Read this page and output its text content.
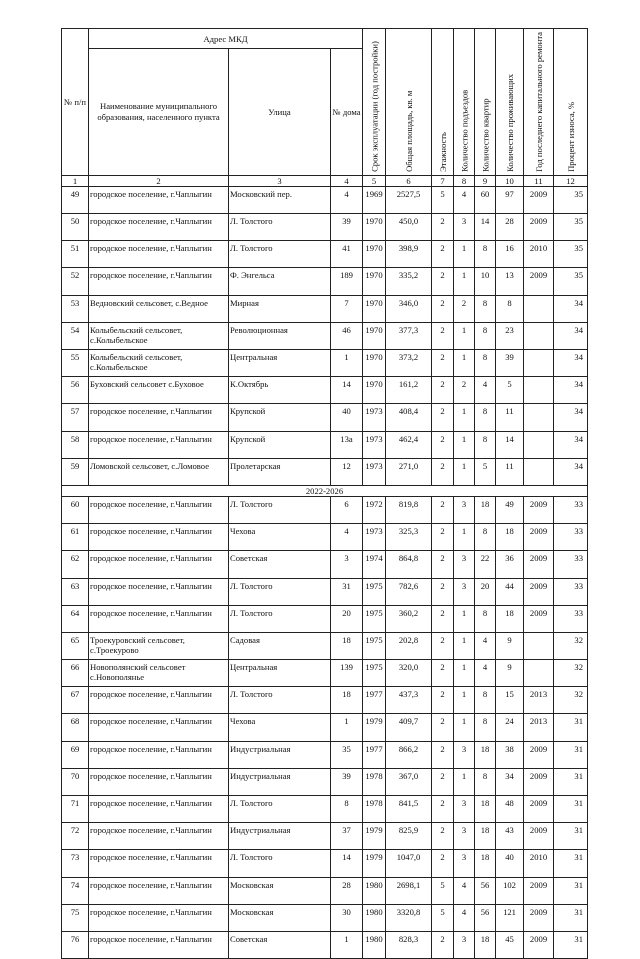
№ п/п	Адрес МКД			Срок эксплуатации (год постройки)	Общая площадь, кв. м	Этажность	Количество подъездов	Количество квартир	Количество проживающих	Год последнего капитального ремонта	Процент износа, %
	Наименование муниципального образования, населенного пункта	Улица	№ дома								
1	2	3	4	5	6	7	8	9	10	11	12
49	городское поселение, г.Чаплыгин	Московский пер.	4	1969	2527,5	5	4	60	97	2009	35
50	городское поселение, г.Чаплыгин	Л. Толстого	39	1970	450,0	2	3	14	28	2009	35
51	городское поселение, г.Чаплыгин	Л. Толстого	41	1970	398,9	2	1	8	16	2010	35
52	городское поселение, г.Чаплыгин	Ф. Энгельса	189	1970	335,2	2	1	10	13	2009	35
53	Ведновский сельсовет, с.Ведное	Мирная	7	1970	346,0	2	2	8	8		34
54	Колыбельский сельсовет, с.Колыбельское	Революционная	46	1970	377,3	2	1	8	23		34
55	Колыбельский сельсовет, с.Колыбельское	Центральная	1	1970	373,2	2	1	8	39		34
56	Буховский сельсовет с.Буховое	К.Октябрь	14	1970	161,2	2	2	4	5		34
57	городское поселение, г.Чаплыгин	Крупской	40	1973	408,4	2	1	8	11		34
58	городское поселение, г.Чаплыгин	Крупской	13а	1973	462,4	2	1	8	14		34
59	Ломовской сельсовет, с.Ломовое	Пролетарская	12	1973	271,0	2	1	5	11		34
2022-2026											
60	городское поселение, г.Чаплыгин	Л. Толстого	6	1972	819,8	2	3	18	49	2009	33
61	городское поселение, г.Чаплыгин	Чехова	4	1973	325,3	2	1	8	18	2009	33
62	городское поселение, г.Чаплыгин	Советская	3	1974	864,8	2	3	22	36	2009	33
63	городское поселение, г.Чаплыгин	Л. Толстого	31	1975	782,6	2	3	20	44	2009	33
64	городское поселение, г.Чаплыгин	Л. Толстого	20	1975	360,2	2	1	8	18	2009	33
65	Троекуровский сельсовет, с.Троекурово	Садовая	18	1975	202,8	2	1	4	9		32
66	Новополянский сельсовет с.Новополянье	Центральная	139	1975	320,0	2	1	4	9		32
67	городское поселение, г.Чаплыгин	Л. Толстого	18	1977	437,3	2	1	8	15	2013	32
68	городское поселение, г.Чаплыгин	Чехова	1	1979	409,7	2	1	8	24	2013	31
69	городское поселение, г.Чаплыгин	Индустриальная	35	1977	866,2	2	3	18	38	2009	31
70	городское поселение, г.Чаплыгин	Индустриальная	39	1978	367,0	2	1	8	34	2009	31
71	городское поселение, г.Чаплыгин	Л. Толстого	8	1978	841,5	2	3	18	48	2009	31
72	городское поселение, г.Чаплыгин	Индустриальная	37	1979	825,9	2	3	18	43	2009	31
73	городское поселение, г.Чаплыгин	Л. Толстого	14	1979	1047,0	2	3	18	40	2010	31
74	городское поселение, г.Чаплыгин	Московская	28	1980	2698,1	5	4	56	102	2009	31
75	городское поселение, г.Чаплыгин	Московская	30	1980	3320,8	5	4	56	121	2009	31
76	городское поселение, г.Чаплыгин	Советская	1	1980	828,3	2	3	18	45	2009	31
